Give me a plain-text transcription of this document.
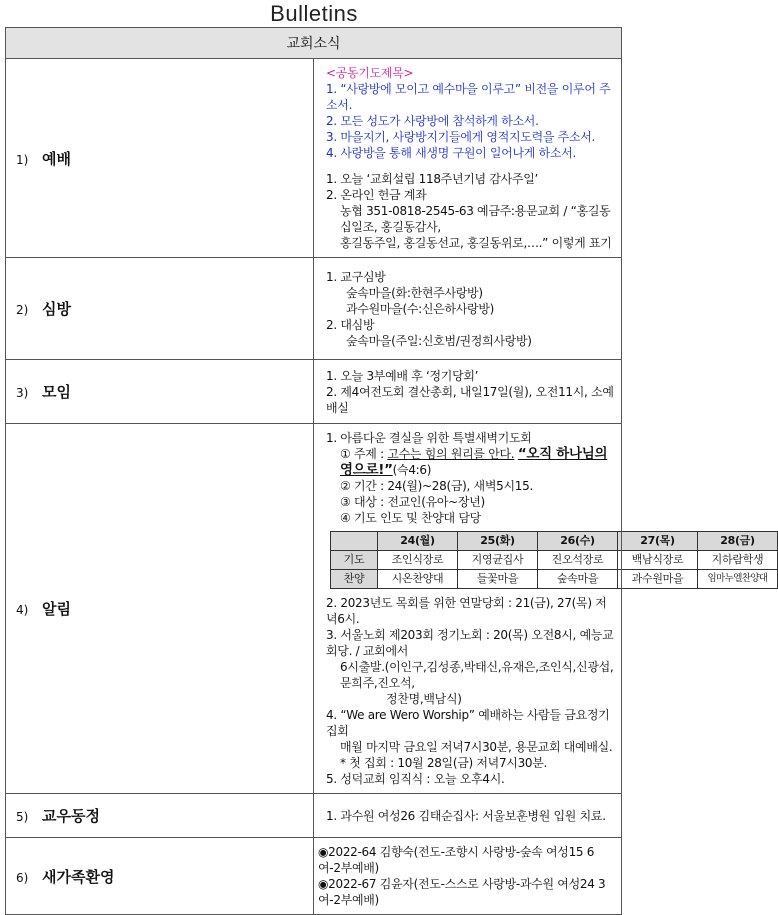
Bulletins
교회소식
1) 예배	
<공동기도제목>
1. “사랑방에 모이고 예수마을 이루고” 비전을 이루어 주소서.
2. 모든 성도가 사랑방에 참석하게 하소서.
3. 마을지기, 사랑방지기들에게 영적지도력을 주소서.
4. 사랑방을 통해 새생명 구원이 일어나게 하소서.
1. 오늘 ‘교회설립 118주년기념 감사주일’
2. 온라인 헌금 계좌
농협 351-0818-2545-63 예금주:용문교회 / “홍길동십일조, 홍길동감사,
홍길동주일, 홍길동선교, 홍길동위로,….” 이렇게 표기

2) 심방	
1. 교구심방
숲속마을(화:한현주사랑방)
과수원마을(수:신은하사랑방)
2. 대심방
숲속마을(주일:신호범/권정희사랑방)

3) 모임	
1. 오늘 3부예배 후 ‘정기당회’
2. 제4여전도회 결산총회, 내일17일(월), 오전11시, 소예배실

4) 알림	
1. 아름다운 결실을 위한 특별새벽기도회
① 주제 : 고수는 힘의 원리를 안다. “오직 하나님의 영으로!”(슥4:6)
② 기간 : 24(월)~28(금), 새벽5시15.
③ 대상 : 전교인(유아~장년)
④ 기도 인도 및 찬양대 담당
	24(월)	25(화)	26(수)	27(목)	28(금)
기도	조인식장로	지영균집사	진오석장로	백남식장로	지하람학생
찬양	시온찬양대	들꽃마을	숲속마을	과수원마을	임마누엘찬양대
2. 2023년도 목회를 위한 연말당회 : 21(금), 27(목) 저녁6시.
3. 서울노회 제203회 정기노회 : 20(목) 오전8시, 예능교회당. / 교회에서
6시출발.(이인구,김성종,박태신,유재은,조인식,신광섭,문희주,진오석,
정찬명,백남식)
4. “We are Wero Worship” 예배하는 사람들 금요정기집회
매월 마지막 금요일 저녁7시30분, 용문교회 대예배실.
* 첫 집회 : 10월 28일(금) 저녁7시30분.
5. 성덕교회 임직식 : 오늘 오후4시.

5) 교우동정	1. 과수원 여성26 김태순집사: 서울보훈병원 입원 치료.

6) 새가족환영	
◉2022-64 김향숙(전도-조향시 사랑방-숲속 여성15 6여-2부예배)
◉2022-67 김윤자(전도-스스로 사랑방-과수원 여성24 3여-2부예배)
